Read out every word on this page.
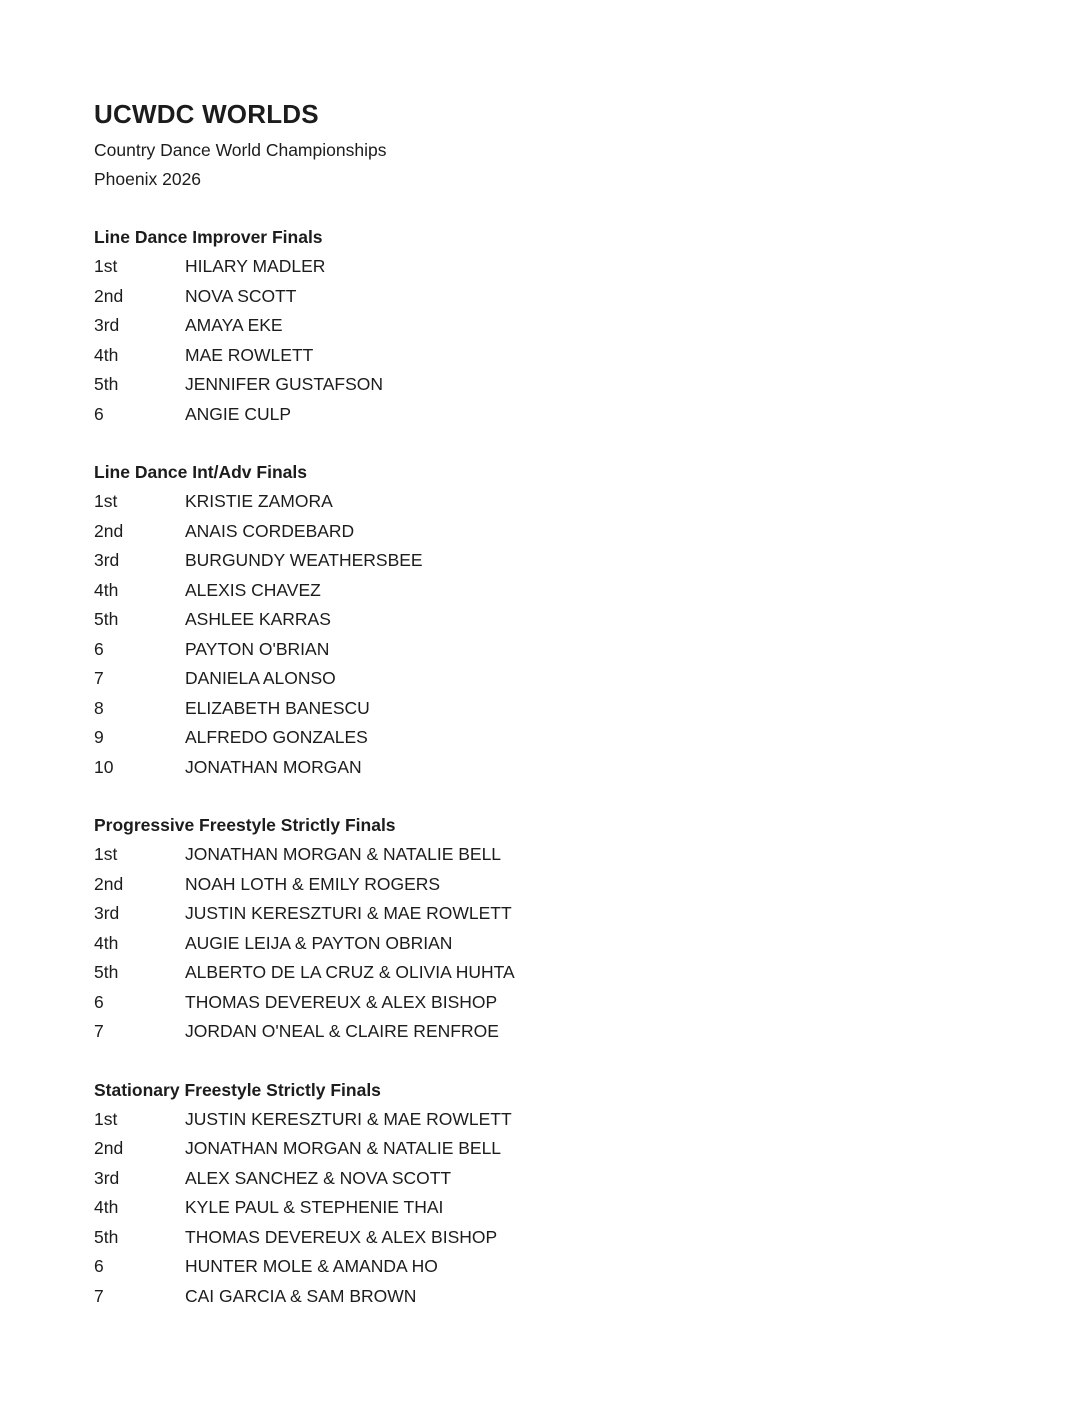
UCWDC WORLDS

Country Dance World Championships

Phoenix 2026

Line Dance Improver Finals
1st	HILARY MADLER
2nd	NOVA SCOTT
3rd	AMAYA EKE
4th	MAE ROWLETT
5th	JENNIFER GUSTAFSON
6	ANGIE CULP
Line Dance Int/Adv Finals
1st	KRISTIE ZAMORA
2nd	ANAIS CORDEBARD
3rd	BURGUNDY WEATHERSBEE
4th	ALEXIS CHAVEZ
5th	ASHLEE KARRAS
6	PAYTON O'BRIAN
7	DANIELA ALONSO
8	ELIZABETH BANESCU
9	ALFREDO GONZALES
10	JONATHAN MORGAN
Progressive Freestyle Strictly Finals
1st	JONATHAN MORGAN & NATALIE BELL
2nd	NOAH LOTH & EMILY ROGERS
3rd	JUSTIN KERESZTURI & MAE ROWLETT
4th	AUGIE LEIJA & PAYTON OBRIAN
5th	ALBERTO DE LA CRUZ & OLIVIA HUHTA
6	THOMAS DEVEREUX & ALEX BISHOP
7	JORDAN O'NEAL & CLAIRE RENFROE
Stationary Freestyle Strictly Finals
1st	JUSTIN KERESZTURI & MAE ROWLETT
2nd	JONATHAN MORGAN & NATALIE BELL
3rd	ALEX SANCHEZ & NOVA SCOTT
4th	KYLE PAUL & STEPHENIE THAI
5th	THOMAS DEVEREUX & ALEX BISHOP
6	HUNTER MOLE & AMANDA HO
7	CAI GARCIA & SAM BROWN
